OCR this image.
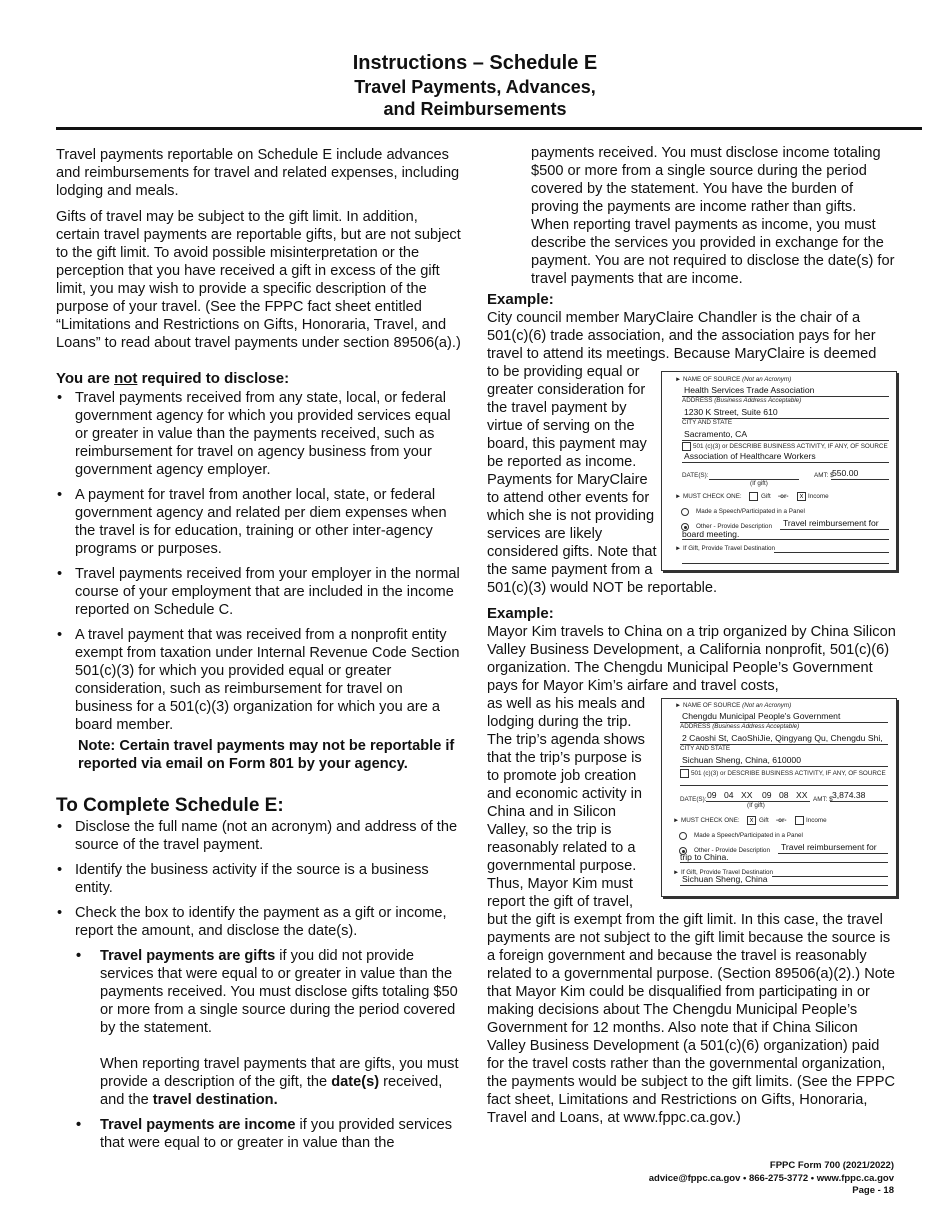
Instructions – Schedule E
Travel Payments, Advances,
and Reimbursements

Travel payments reportable on Schedule E include advances and reimbursements for travel and related expenses, including lodging and meals.

Gifts of travel may be subject to the gift limit. In addition, certain travel payments are reportable gifts, but are not subject to the gift limit. To avoid possible misinterpretation or the perception that you have received a gift in excess of the gift limit, you may wish to provide a specific description of the purpose of your travel. (See the FPPC fact sheet entitled “Limitations and Restrictions on Gifts, Honoraria, Travel, and Loans” to read about travel payments under section 89506(a).)

You are not required to disclose:
• Travel payments received from any state, local, or federal government agency for which you provided services equal or greater in value than the payments received, such as reimbursement for travel on agency business from your government agency employer.
• A payment for travel from another local, state, or federal government agency and related per diem expenses when the travel is for education, training or other inter-agency programs or purposes.
• Travel payments received from your employer in the normal course of your employment that are included in the income reported on Schedule C.
• A travel payment that was received from a nonprofit entity exempt from taxation under Internal Revenue Code Section 501(c)(3) for which you provided equal or greater consideration, such as reimbursement for travel on business for a 501(c)(3) organization for which you are a board member.

Note: Certain travel payments may not be reportable if reported via email on Form 801 by your agency.

To Complete Schedule E:
• Disclose the full name (not an acronym) and address of the source of the travel payment.
• Identify the business activity if the source is a business entity.
• Check the box to identify the payment as a gift or income, report the amount, and disclose the date(s).
• Travel payments are gifts if you did not provide services that were equal to or greater in value than the payments received. You must disclose gifts totaling $50 or more from a single source during the period covered by the statement.
When reporting travel payments that are gifts, you must provide a description of the gift, the date(s) received, and the travel destination.
• Travel payments are income if you provided services that were equal to or greater in value than the
payments received. You must disclose income totaling $500 or more from a single source during the period covered by the statement. You have the burden of proving the payments are income rather than gifts. When reporting travel payments as income, you must describe the services you provided in exchange for the payment. You are not required to disclose the date(s) for travel payments that are income.
Example:
City council member MaryClaire Chandler is the chair of a 501(c)(6) trade association, and the association pays for her travel to attend its meetings. Because MaryClaire is deemed
to be providing equal or greater consideration for the travel payment by virtue of serving on the board, this payment may be reported as income. Payments for MaryClaire to attend other events for which she is not providing services are likely considered gifts. Note that the same payment from a
501(c)(3) would NOT be reportable.
Example:
Mayor Kim travels to China on a trip organized by China Silicon Valley Business Development, a California nonprofit, 501(c)(6) organization. The Chengdu Municipal People’s Government pays for Mayor Kim’s airfare and travel costs,
as well as his meals and lodging during the trip. The trip’s agenda shows that the trip’s purpose is to promote job creation and economic activity in China and in Silicon Valley, so the trip is reasonably related to a governmental purpose. Thus, Mayor Kim must report the gift of travel,
but the gift is exempt from the gift limit. In this case, the travel payments are not subject to the gift limit because the source is a foreign government and because the travel is reasonably related to a governmental purpose. (Section 89506(a)(2).) Note that Mayor Kim could be disqualified from participating in or making decisions about The Chengdu Municipal People’s Government for 12 months. Also note that if China Silicon Valley Business Development (a 501(c)(6) organization) paid for the travel costs rather than the governmental organization, the payments would be subject to the gift limits. (See the FPPC fact sheet, Limitations and Restrictions on Gifts, Honoraria, Travel and Loans, at www.fppc.ca.gov.)
► NAME OF SOURCE (Not an Acronym)
Health Services Trade Association
ADDRESS (Business Address Acceptable)
1230 K Street, Suite 610
CITY AND STATE
Sacramento, CA
501 (c)(3) or DESCRIBE BUSINESS ACTIVITY, IF ANY, OF SOURCE
Association of Healthcare Workers
DATE(S):
(If gift)
AMT: $
550.00
► MUST CHECK ONE:	Gift -or-	x Income
Made a Speech/Participated in a Panel
Other - Provide Description Travel reimbursement for
board meeting.
► If Gift, Provide Travel Destination
► NAME OF SOURCE (Not an Acronym)
Chengdu Municipal People's Government
ADDRESS (Business Address Acceptable)
2 Caoshi St, CaoShiJie, Qingyang Qu, Chengdu Shi,
CITY AND STATE
Sichuan Sheng, China, 610000
501 (c)(3) or DESCRIBE BUSINESS ACTIVITY, IF ANY, OF SOURCE
DATE(S): 09 04 XX 09 08 XX
(If gift)
AMT: $ 3,874.38
► MUST CHECK ONE:	x Gift -or-	Income
Made a Speech/Participated in a Panel
Other - Provide Description Travel reimbursement for
trip to China.
► If Gift, Provide Travel Destination
Sichuan Sheng, China
FPPC Form 700 (2021/2022)
advice@fppc.ca.gov • 866-275-3772 • www.fppc.ca.gov
Page - 18
